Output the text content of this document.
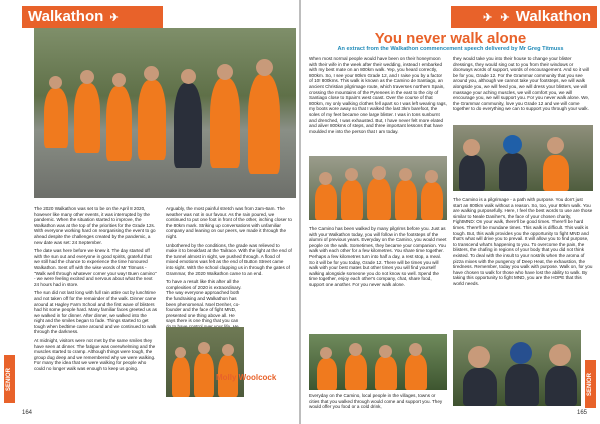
Walkathon ✈
SENIOR

The 2020 Walkathon was set to be on the April 8 2020, however like many other events, it was interrupted by the pandemic. When the situation started to improve, the Walkathon was at the top of the priorities for the Grade 12s. With everyone working hard on reorganising the event to go ahead despite the challenges created by the pandemic, a new date was set: 24 September.

The date was here before we knew it. The day started off with the sun out and everyone in good spirits, grateful that we still had the chance to experience the time honoured Walkathon. Sent off with the wise words of Mr Titmuss - "Walk well through whatever corner your way! Buen camino" - we were feeling excited and nervous about what the next 24 hours had in store.

The sun did not last long with full rain attire out by lunchtime and not taken off for the remainder of the walk. Dinner came around at Hagley Farm School and the first wave of blisters had hit some people hard. Many familiar faces greeted us as we walked in for dinner. After dinner, we walked into the night and the smiles began to fade. Things started to get tough when bedtime came around and we continued to walk through the darkness.

At midnight, visitors were not met by the same smiles they have seen at dinner. The fatigue was overwhelming and the muscles started to cramp. Although things were tough, the group dug deep and we remembered why we were walking. For many the idea that we were walking for people who could no longer walk was enough to keep us going.

Arguably, the most painful stretch was from 2am-6am. The weather was not in our favour. As the rain poured, we continued to put one foot in front of the other, inching closer to the 80km mark. Striking up conversations with unfamiliar company and leaning on our peers, we made it through the night.

Unbothered by the conditions, the grade was relieved to make it to breakfast at the Tailrace. With the light at the end of the tunnel almost in sight, we pushed through. A flood of mixed emotions was felt as the end of Button Street came into sight. With the school clapping us in through the gates of Grammar, the 2020 Walkathon came to an end.

To have a result like this after all the complexities of 2020 is extraordinary. The way everyone approached both the fundraising and Walkathon has been phenomenal. Noel Denher, co-founder and the face of fight MND, presented one thing above all. He says there is one thing that you can

Molly Woolcock
164
✈ ✈ Walkathon
You never walk alone
An extract from the Walkathon commencement speech delivered by Mr Greg Titmuss

When most normal people would have been on their honeymoon with their wife in the week after their wedding, instead I embarked with my best mate on an 800km walk. Yep, you heard correctly, 800km. So, I see your 80km Grade 12, and I raise you by a factor of 10! 800kms. This walk is known as the Camino de Santiago, an ancient Christian pilgrimage route, which traverses northern Spain, crossing the mountains of the Pyrenees in the east to the city of Santiago close to Spain's west coast. Over the course of that 800km, my only walking clothes fell apart so I was left wearing rags, my boots wore away so that I walked the last 3km barefoot, the soles of my feet became one large blister. I was in tons sunburnt and drenched, I was exhausted. But, I have never felt more elated and alive! 800kms of steps, and three important lessons that have moulded me into the person that I am today.

The Camino has been walked by many pilgrims before you. Just as with your Walkathon today, you will follow in the footsteps of the alumni of previous years. Everyday on the Camino, you would meet people on the walk. Sometimes, they became your companion. You walk with each other for a few kilometres. You share time together. Perhaps a few kilometres turn into half a day, a rest stop, a meal. So it will be for you today, Grade 12. There will be times you will walk with your best mates but other times you will find yourself walking alongside someone you do not know so well. Spend the time together, enjoy each other's company, chat, share food, support one another. For you never walk alone.

Everyday on the Camino, local people in the villages, towns or cities that you walked through would come and support you. They would offer you food or a cold drink,

they would take you into their house to change your blister dressings, they would sing out to you from their windows or doorways words of support, words of encouragement. And so it will be for you, Grade 12. For the Grammar community that you see around you, although we cannot take your footsteps, we will walk alongside you, we will feed you, we will dress your blisters, we will massage your aching muscles, we will comfort you, we will encourage you, we will support you. For you never walk alone. We, the Grammar community, love you Grade 12 and we will come together to do everything we can to support you through your walk.

The Camino is a pilgrimage - a path with purpose. You don't just start an 800km walk without a reason. So, too, your 80km walk. You are walking purposefully. Here, I feel the best words to use are those similar to Neale Daniher's, the face of your chosen charity, FightMND: On your walk, there'll be good times. There'll be hard times. There'll be mundane times. This walk is difficult. This walk is tough. But, this walk provides you the opportunity to fight MND and that's what will drive you to prevail. It will allow you to find purpose, to transcend what's happening to you. To overcome the pain, the blisters, the chafing in regions of your body that you did not think existed. To deal with the insult to your nostrils when the aroma of pizza mixes with the pungency of Deep Heat, the exhaustion, the tiredness. Remember, today you walk with purpose. Walk on, for you have chosen to walk for those who have lost the ability to walk. By taking this opportunity to fight MND, you are the HOPE that this world needs.

SENIOR
165
